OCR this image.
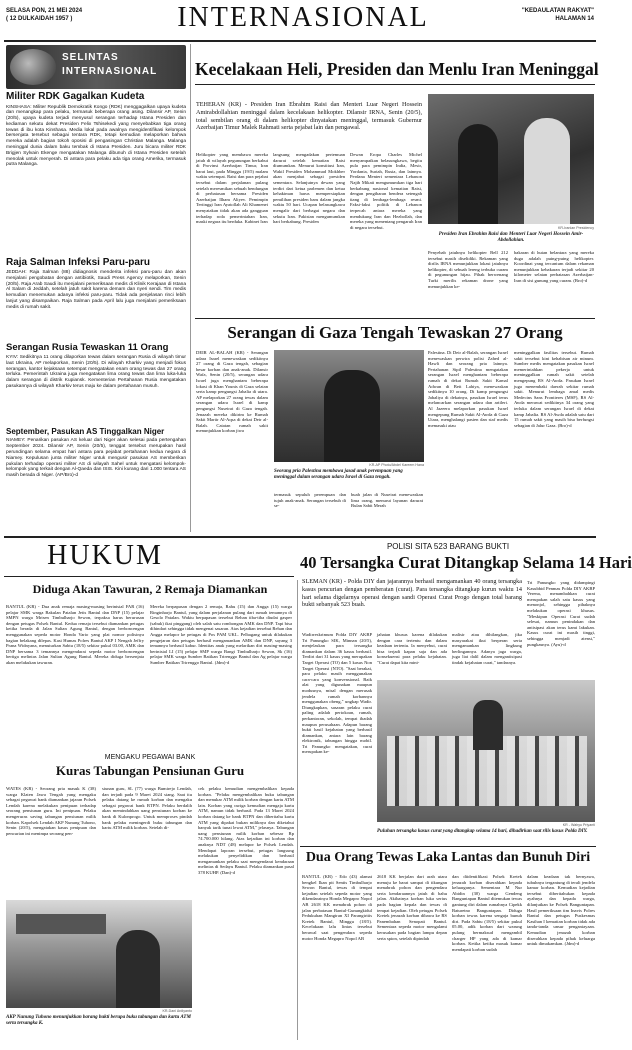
SELASA PON, 21 MEI 2024
( 12 DULKAIDAH 1957 )	INTERNASIONAL	"KEDAULATAN RAKYAT"
HALAMAN 14
SELINTAS
INTERNASIONAL
Militer RDK Gagalkan Kudeta
KINSHASA: Militer Republik Demokratik Kongo (RDK) menggagalkan upaya kudeta dan menangkap para pelaku, termasuk beberapa orang asing. Dilansir AP, Senin (20/5), upaya kudeta terjadi menyusul serangan terhadap Istana Presiden dan kediaman sekutu dekat Presiden Felix Tshisekedi yang menyebabkan tiga orang tewas di ibu kota Kinshasa. Media lokal pada awalnya mengidentifikasi kelompok bersenjata tersebut sebagai tentara RDK, tetapi kemudian melaporkan bahwa mereka adalah bagian tokoh oposisi di pengasingan Christian Malanga. Malanga meninggal dunia dalam baku tembak di Istana Presiden. Juru bicara militer RDK Brigjen Sylvain Ekenge mengatakan Malanga dibunuh di Istana Presiden setelah menolak untuk menyerah. Di antara para pelaku ada tiga orang Amerika, termasuk putra Malanga.
Raja Salman Infeksi Paru-paru
JEDDAH: Raja Salman (88) didiagnosis menderita infeksi paru-paru dan akan menjalani pengobatan dengan antibiotik, Saudi Press Agency melaporkan, Senin (20/5). Raja Arab Saudi itu menjalani pemeriksaan medis di Klinik Kerajaan di Istana Al Salam di Jeddah, setelah jatuh sakit karena demam dan nyeri sendi. Tim medis kemudian menemukan adanya infeksi paru-paru. Tidak ada penjelasan rinci lebih lanjut yang disampaikan. Raja Salman pada April lalu juga menjalani pemeriksaan medis di rumah sakit.
Serangan Rusia Tewaskan 11 Orang
KYIV: Sedikitnya 11 orang dilaporkan tewas dalam serangan Rusia di wilayah timur laut Ukraina, AP melaporkan, Senin (20/5). Di wilayah Kharkiv yang menjadi fokus serangan, kantor kejaksaan setempat mengatakan enam orang tewas dan 27 orang terluka. Pemerintah Ukraina juga mengatakan lima orang tewas dan lima luka-luka dalam serangan di distrik Kupiansk. Kementerian Pertahanan Rusia mengatakan pasukannya di wilayah Kharkiv terus maju ke dalam pertahanan musuh.
September, Pasukan AS Tinggalkan Niger
NIAMEY: Penarikan pasukan AS keluar dari Niger akan selesai pada pertengahan September 2024. Dilansir AP, Senin (20/5), tenggat tersebut merupakan hasil perundingan selama empat hari antara para pejabat pertahanan kedua negara di Niamey. Kepulusan junta militer Niger untuk mengusir pasukan AS memberikan pukulan terhadap operasi militer AS di wilayah Sahel untuk mengatasi kelompok-kelompok yang terkait dengan Al-Qaeda dan ISIS. Kini kurang dari 1.000 tentara AS masih berada di Niger. (AP/Bro)-d
Kecelakaan Heli, Presiden dan Menlu Iran Meninggal
TEHERAN (KR) - Presiden Iran Ebrahim Raisi dan Menteri Luar Negeri Hossein Amirabdollahian meninggal dalam kecelakaan helikopter. Dilansir IRNA, Senin (20/5), total sembilan orang di dalam helikopter dinyatakan meninggal, termasuk Gubernur Azerbaijan Timur Malek Rahmati serta pejabat lain dan pengawal.
Helikopter yang membawa mereka jatuh di wilayah pegunungan berkabut di Provinsi Azerbaijan Timur, Iran barat laut, pada Minggu (19/5) malam waktu setempat. Raisi dan para pejabat tersebut dalam perjalanan pulang setelah meresmikan sebuah bendungan di perbatasan bersama Presiden Azerbaijan Ilham Aliyev. Pemimpin Tertinggi Iran Ayatollah Ali Khamenei menyatakan tidak akan ada gangguan terhadap roda pemerintahan Iran, maski negara itu berduka. Kabinet Iran
langsung mengadakan pertemuan darurat setelah kematian Raisi diumumkan. Menurut konstitusi Iran, Wakil Presiden Mohammad Mokhber akan menjabat sebagai presiden sementara. Selanjutnya dewan yang terdiri dari ketua parlemen dan ketua kehakiman harus mempersiapkan pemilihan presiden baru dalam jangka waktu 50 hari. Ucapan belasungkawa mengalir dari berbagai negara dan sekutu Iran. Pakistan mengumumkan hari berkabung. Presiden
Dewan Eropa Charles Michel menyampaikan belasungkawa, begitu pula para pemimpin India, Mesir, Yordania, Suriah, Rusia, dan lainnya. Perdana Menteri sementara Lebanon Najib Mikati mengumumkan tiga hari berkabung nasional kematian Raisi, dengan pengibaran bendera setengah tiang di lembaga-lembaga resmi. Faksi-faksi politik di Lebanon terpecah antara mereka yang mendukung Iran dan Hezbollah, dan mereka yang menentang pengaruh Iran di negara tersebut.	KR-Iranian Presidency
Presiden Iran Ebrahim Raisi dan Menteri Luar Negeri Hossein Amir-Abdollahian.
Penyebab jatuhnya helikopter Bell 212 tersebut masih diselidiki. Rekaman yang dirilis IRNA menunjukkan lokasi jatuhnya helikopter, di sebuah lereng terbuka curam di pegunungan hijau. Pihak berwenang Turki merilis rekaman drone yang menunjukkan ke-
bakaran di hutan belantara yang mereka duga adalah puing-puing helikopter. Koordinat yang tercantum dalam rekaman menunjukkan kebakaran terjadi sekitar 20 kilometer selatan perbatasan Azerbaijan-Iran di sisi gunung yang curam. (Bro)-d
Serangan di Gaza Tengah Tewaskan 27 Orang
DEIR AL-BALAH (KR) - Serangan udara Israel menewaskan sedikitnya 27 orang di Gaza tengah, sebagian besar korban dan anak-anak. Dilansir Wafa, Senin (20/5), serangan udara Israel juga menghantam beberapa lokasi di Khan Younis di Gaza selatan serta kamp pengungsi Jabalia di utara. AP melaporkan 27 orang tewas dalam serangan udara Israel di kamp pengungsi Nuseirat di Gaza tengah. Jenazah mereka dikirim ke Rumah Sakit Martir Al-Aqsa di dekat Deir al-Balah. Catatan rumah sakit menunjukkan korban jiwa
KR-AP Photo/Abdel Kareem Hana
Seorang pria Palestina membawa jasad anak perempuan yang meninggal dalam serangan udara Israel di Gaza tengah.
termasuk sepuluh perempuan dan tujuh anak-anak. Serangan tersebuh di se-
buah jalan di Nuseirat menewaskan lima orang, menurut layanan darurat Bulan Sabit Merah
Palestina. Di Deir al-Balah, serangan Israel menewaskan perwira polisi Zahed al-Hawli dan seorang pria lainnya. Pertahanan Sipil Palestina mengatakan serangan Israel menghantam beberapa rumah di dekat Rumah Sakit Kamal Adwan di Beit Lahiya, menewaskan sedikitnya 10 orang. Di kamp pengungsi Jabaliya di dekatnya, pasukan Israel terus melancarkan serangan udara dan artileri. Al Jazeera melaporkan pasukan Israel mengepung Rumah Sakit Al-Awda di Gaza Utara, menghalangi pasien dan staf medis memasuki atau
meninggalkan fasilitas tersebut. Rumah sakit tersebut kini kehabisan air minum. Sumber medis mengatakan pasukan Israel memerintahkan pekerja untuk meninggalkan rumah sakit setelah mengepung RS Al-Awda. Pasukan Israel juga menembaki daerah sekitar rumah sakit. Menurut lembaga amal medis Medecins Sans Frontieres (MSF), RS Al-Awda merawat sedikitnya 34 orang yang terluka dalam serangan Israel di dekat kamp Jabalia. RS Al-Awda adalah satu dari 15 rumah sakit yang masih bisa berfungsi sebagian di Jalur Gaza. (Bro)-d
HUKUM
Diduga Akan Tawuran, 2 Remaja Diamankan
BANTUL (KR) - Dua anak remaja masing-masing berinisial FAR (16) pelajar SMK warga Bakulan Patalan Jetis Bantul dan DNP (15) pelajar SMPN warga Mrisen Timbulharjo Sewon, terpaksa harus berurusan dengan petugas Polsek Bantul. Kedua remaja tersebut diamankan petugas ketika berada di Jalan Sultan Agung Bantul, dengan berboncengan menggunakan sepeda motor Honda Vario yang plat nomor polisinya bagian belakang dilepas. Kasi Humas Polres Bantul AKP I Nengah Jeffry Prana Widnyana, menuturkan Sabtu (18/5) sekitar pukul 03.00, AMK dan DNP bersama 3 temannya mengendarai sepeda motor berboncengan bertiga melintas Jalan Sultan Agung Bantul. Mereka diduga bersenjata akan melakukan tawuran.
Mereka berpapasan dengan 2 remaja, Rahu (15) dan Angga (15) warga Ringinharjo Bantul, yang dalam perjalanan pulang dari rumah temannya di Gesolo Patalan. Waktu berpapasan tersebut Rehan tiba-tiba diudat gasper (sabuk) ikat pinggang) oleh salah satu rombongan AMK dan DNP. Tapi bisa dihindari sehingga tidak mengenai sasaran. Atas kejadian tersebut Rehan dan Angga melapor ke petugas di Pos PAM UKL. Pelbagang untuk dilakukan pengejaran dan petugas berhasil mengamankan AMK dan DNP, sayang 3 temannya berhasil kabur. Identitas anak yang melarikan diri masing-masing berinisial LI (15) pelajar SMP warga Bangi Timbulharjo Sewon, Sk (16) pelajar SMK warga Sumber Batikan Trirenggo Bantul dan Ag pelajar warga Sumber Batikan Trirenggo Bantul. (Jdm)-d
MENGAKU PEGAWAI BANK
Kuras Tabungan Pensiunan Guru
WATES (KR) - Seorang pria masuk K (38) warga Klaten Jawa Tengah yang mengaku sebagai pegawai bank diamankan jajaran Polsek Lendah karena melakukan penipuan terhadap seorang pensiunan guru. Ini penipuan. Pelaku mengeruras saving tabungan pensiunan milik korban. Kapolsek Lendah AKP Nunung Tuhono, Senin (20/5), mengatakan kasus penipuan dan pencurian ini menimpa seorang pen-
siunan guru, SL (77) warga Bumirejo Lendah, dan terjadi pada 9 Maret 2024 siang. Saat itu pelaku datang ke rumah korban dan mengaku sebagai pegawai bank BTPN. Pelaku berdalih akan memindahkan uang pensiunan korban ke bank di Kulonprogo. Untuk memproses pindah bank pelaku meningerdi buku tabungan dan kartu ATM milik korban. Setelah di-
cek pelaku kemudian mengembalikan kepada korban. "Pelaku mengembalikan buku tabungan dan menukar ATM milik korban dengan kartu ATM lain. Korban yang curiga kemudian mengaja kartu ATM, namun tidak berhasil. Pada 13 Maret 2024 korban datang ke bank BTPN dan diberitahu kartu ATM yang dipakai bukan miliknya dan diketahui banyak tarik tunai lewat ATM," jelasnya. Tabungan uang pensiunan milik korban sebesar Rp 74.700.000 hilang. Atas kejadian ini korban dan anaknya NDT (48) melapor ke Polsek Lendah. Mendapat laporan tersebut, petugas langsung melakukan penyelidikan dan berhasil mengamankan pelaku saat mengendarai kendaraan melintas di Sedayu Bantul. Pelaku diamankan pasal 378 KUHP. (Dan)-d
KR-Dani Ardiyanto
AKP Nunung Tuhono menunjukkan barang bukti berupa buku tabungan dan kartu ATM serta tersangka K.
POLISI SITA 523 BARANG BUKTI
40 Tersangka Curat Ditangkap Selama 14 Hari
SLEMAN (KR) - Polda DIY dan jajarannya berhasil mengamankan 40 orang tersangka kasus pencurian dengan pemberatan (curat). Para tersangka ditangkap kurun waktu 14 hari selama digelarnya operasi dengan sandi Operasi Curat Progo dengan total barang bukti sebanyak 523 buah.
Wadirreskrimum Polda DIY AKBP Tri Panungko SIK, Minnan (20/5), menjelaskan para tersangka diamankan dalam 36 kasus berhasil. Terdiri dari 31 kasus yang merupakan Target Operasi (TO) dan 5 kasus Non Target Operasi (NTO). "Saat berakai, para pelaku masih menggunakan cara-cara yang konvensional. Baik alat yang digunakan maupun modusnya, misal dengan merusak jendela rumah korbannya menggunakan obeng," ungkap Wadir. Diungkapkan, sasaran pelaku curat paling adalah pertokoan, rumah, perkantoran, sekolah, tempat ibadah maupun perusahaan. Adapun barang bukti hasil kejahatan yang berhasil diamankan, antara lain barang elektronik, tabungan hingga mobil. Tri Panungko mengatakan, curat merupakan ke-
jahatan khusus karena dilakukan dengan cara tertentu dan dalam keadaan tertentu. Ia menyebut, curat bisa terjadi kapan saja dan ada konsekuensi para pelaku kejahatan. "Curat dapat kita mini-
malisir atau dihilangkan, jika masyarakat ikut berperan serta mengamankan lingkung berlingannya. Adanya jaga warga, juga liat dalil dalam mengantisipasi tindak kejahatan curat," tandasnya.
Tri Panungko yang didampingi Kasubbid Penmas Polda DIY AKBP Verena, menambahkan curat merupakan salah satu kasus yang menonjol, sehingga pihaknya melakukan operasi khusus. "Meskipun Operasi Curat sudah selesai, namun penindakan dan antisipasi akan terus kami lakukan. Kasus curat ini masih tinggi, sehingga menjadi atensi," pungkasnya. (Ayu)-d
KR - Wahyu Priyanti
Puluhan tersangka kasus curat yang ditangkap selama 14 hari, dihadirkan saat rilis kasus Polda DIY.
Dua Orang Tewas Laka Lantas dan Bunuh Diri
BANTUL (KR) - Edo (43) alamat bengkel Ikan pit Sentis Timbulharjo Sewon Bantul, tewas di tempat kejadian setelah sepeda motor yang dikendarainya Honda Megapro Nopol AB 2618 KK menabrak pohon di jalan perbatasan Bantul-Gunungkidul Pedukuhan Mangiran XI Parangtritis Kretek Bantul, Minggu (18/5). Kecelakaan lalu lintas tersebut berawal saat pengendara sepeda motor Honda Megapro Nopol AB
2618 KK berjalan dari arah utara menuju ke barat sampai di tikungan menabrak pohon dan pengendara serta kendaraannya jatuh di bahu jalan. Akibatnya korban luka serius pada bagian kepala dan tewas di tempat kejadian. Oleh petugas Polsek Kretek jenazah korban dibawa ke RS Panembahan Senopati Bantul. Sementara sepeda motor mengalami kerusakan pada bagian lampu depan serta spion, setelah dipindah
dan diidentifikasi Polsek Kretek jenazah korban diserahkan kepada keluarganya. Sementara M Nur Abidin (30) warga Gendeng Banguntapan Bantul ditemukan tewas gantung diri dalam rumahnya Cipekk Baturetno Banguntapan. Diduga korban tewas karena sengaja bunuh diri. Pada Sabtu (18/5) sekitar pukul 05.00, adik korban dari warung pulang bermaksud mengambil charger HP yang ada di kamar korban. Ketika ketika masuk kamar mendapati korban sudah
dalam keadaan tak bernyawa, tubuhnya tergantung di terali jendela kamar korban. Kemudian kejadian tersebut diberitahukan kepada ayahnya dan kepada warga, dilanjutkan ke Polsek Banguntapan. Hasil pemeriksaan tim Inavis Polres Bantul dan petugas Puskesmas Kasihan I kematian korban tidak ada tanda-tanda unsur penganiayaan. Kemudian jenazah korban diserahkan kepada pihak keluarga untuk dimakamkan. (Jdm)-d
